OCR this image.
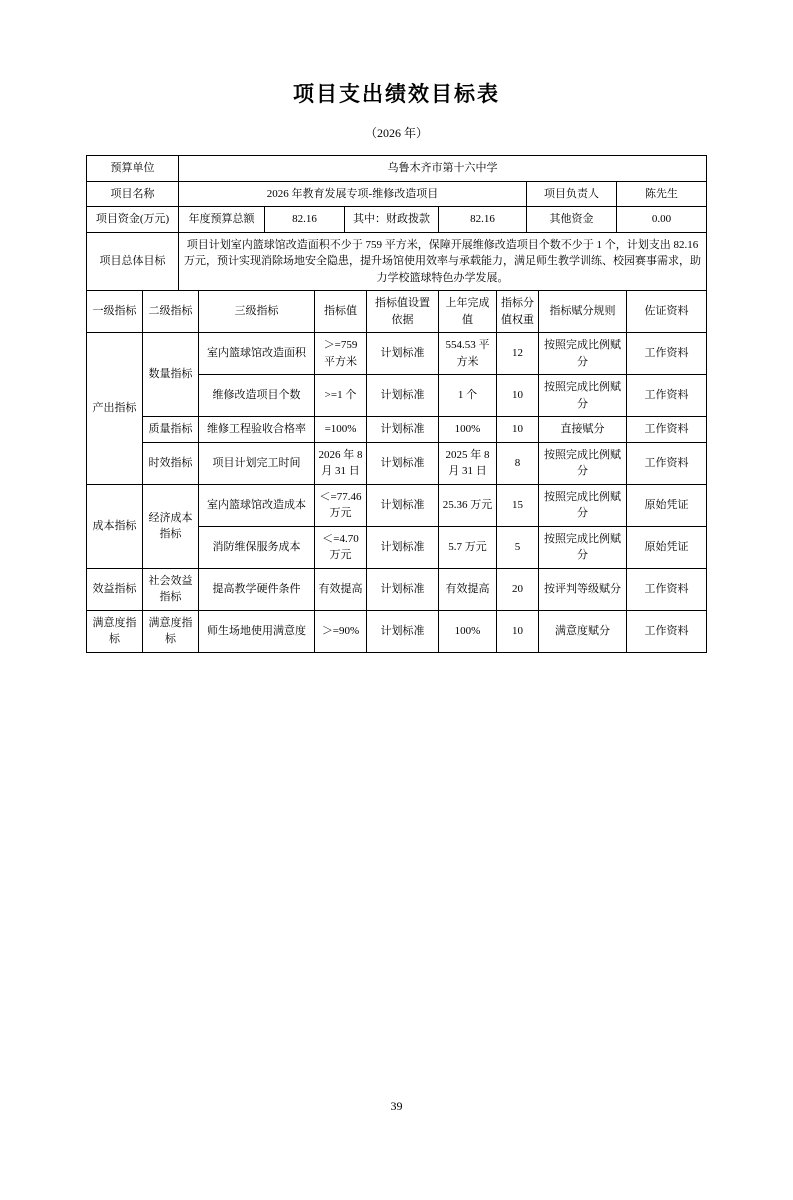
项目支出绩效目标表
（2026 年）
预算单位	乌鲁木齐市第十六中学					
项目名称	2026 年教育发展专项-维修改造项目				项目负责人	陈先生
项目资金(万元)	年度预算总额	82.16	其中：财政拨款	82.16	其他资金	0.00
项目总体目标	项目计划室内篮球馆改造面积不少于 759 平方米，保障开展维修改造项目个数不少于 1 个，计划支出 82.16 万元，预计实现消除场地安全隐患，提升场馆使用效率与承载能力，满足师生教学训练、校园赛事需求，助力学校篮球特色办学发展。					
一级指标	二级指标	三级指标	指标值	指标值设置依据	上年完成值	指标分值权重	指标赋分规则	佐证资料
产出指标	数量指标	室内篮球馆改造面积	＞=759 平方米	计划标准	554.53 平方米	12	按照完成比例赋分	工作资料
		维修改造项目个数	>=1 个	计划标准	1 个	10	按照完成比例赋分	工作资料
	质量指标	维修工程验收合格率	=100%	计划标准	100%	10	直接赋分	工作资料
	时效指标	项目计划完工时间	2026 年 8 月 31 日	计划标准	2025 年 8 月 31 日	8	按照完成比例赋分	工作资料
成本指标	经济成本指标	室内篮球馆改造成本	＜=77.46 万元	计划标准	25.36 万元	15	按照完成比例赋分	原始凭证
		消防维保服务成本	＜=4.70 万元	计划标准	5.7 万元	5	按照完成比例赋分	原始凭证
效益指标	社会效益指标	提高教学硬件条件	有效提高	计划标准	有效提高	20	按评判等级赋分	工作资料
满意度指标	满意度指标	师生场地使用满意度	＞=90%	计划标准	100%	10	满意度赋分	工作资料
39
